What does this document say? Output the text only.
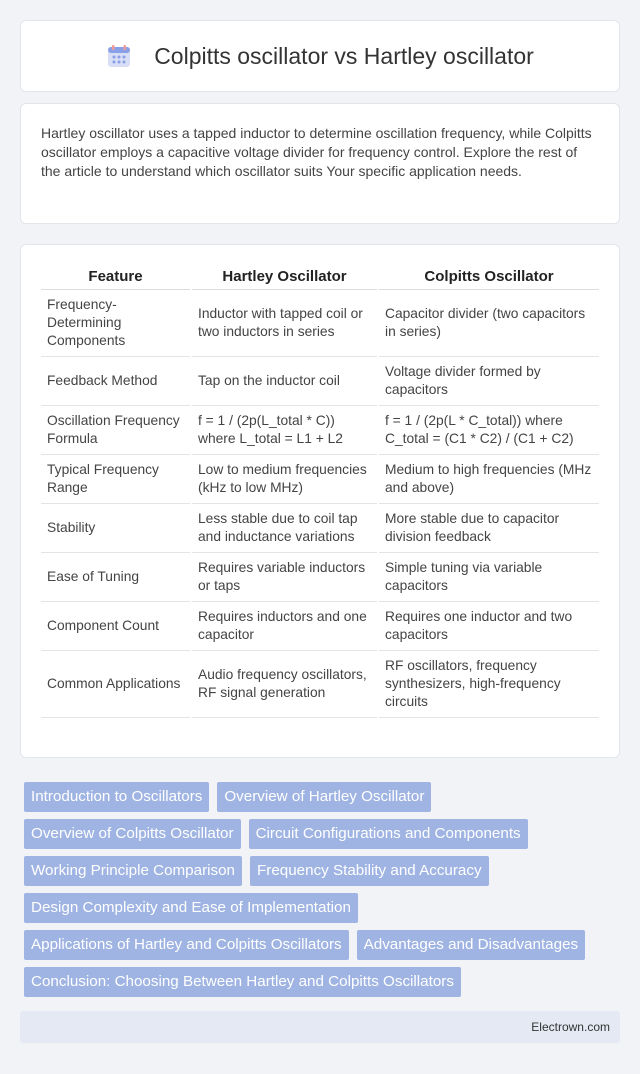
Colpitts oscillator vs Hartley oscillator

Hartley oscillator uses a tapped inductor to determine oscillation frequency, while Colpitts oscillator employs a capacitive voltage divider for frequency control. Explore the rest of the article to understand which oscillator suits Your specific application needs.

Feature	Hartley Oscillator	Colpitts Oscillator
Frequency-Determining Components	Inductor with tapped coil or two inductors in series	Capacitor divider (two capacitors in series)
Feedback Method	Tap on the inductor coil	Voltage divider formed by capacitors
Oscillation Frequency Formula	f = 1 / (2p(L_total * C)) where L_total = L1 + L2	f = 1 / (2p(L * C_total)) where C_total = (C1 * C2) / (C1 + C2)
Typical Frequency Range	Low to medium frequencies (kHz to low MHz)	Medium to high frequencies (MHz and above)
Stability	Less stable due to coil tap and inductance variations	More stable due to capacitor division feedback
Ease of Tuning	Requires variable inductors or taps	Simple tuning via variable capacitors
Component Count	Requires inductors and one capacitor	Requires one inductor and two capacitors
Common Applications	Audio frequency oscillators, RF signal generation	RF oscillators, frequency synthesizers, high-frequency circuits
Introduction to Oscillators	Overview of Hartley Oscillator
Overview of Colpitts Oscillator	Circuit Configurations and Components
Working Principle Comparison	Frequency Stability and Accuracy
Design Complexity and Ease of Implementation
Applications of Hartley and Colpitts Oscillators	Advantages and Disadvantages
Conclusion: Choosing Between Hartley and Colpitts Oscillators
Electrown.com
